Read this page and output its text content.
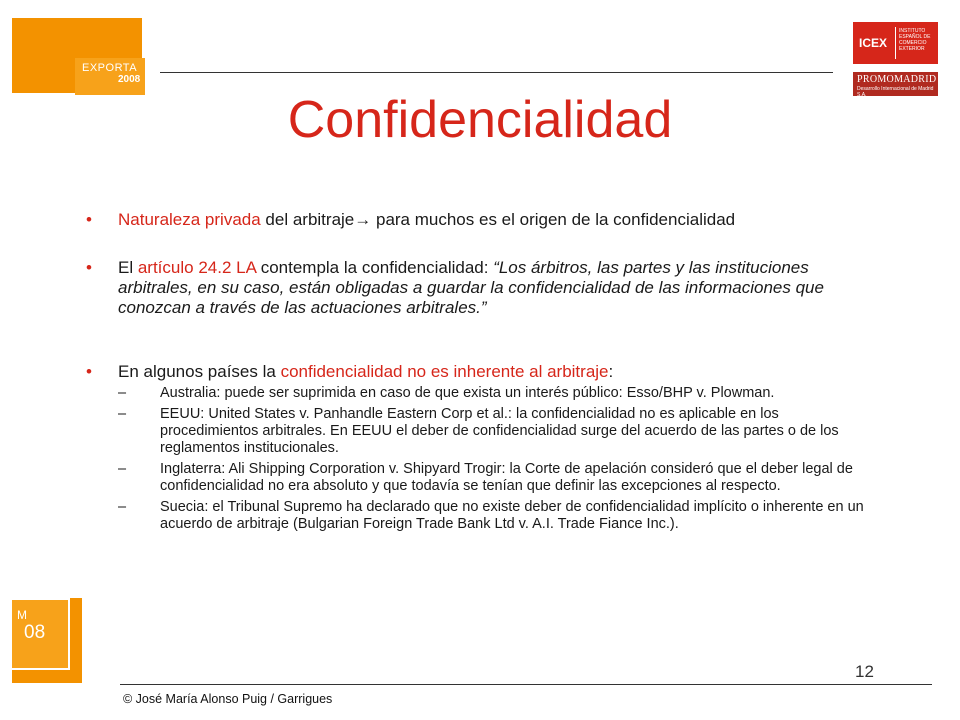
EXPORTA
2008
ICEX
INSTITUTO ESPAÑOL DE COMERCIO EXTERIOR
PROMOMADRID
Desarrollo Internacional de Madrid S.A.
Confidencialidad

• Naturaleza privada del arbitraje→ para muchos es el origen de la confidencialidad

• El artículo 24.2 LA contempla la confidencialidad: “Los árbitros, las partes y las instituciones arbitrales, en su caso, están obligadas a guardar la confidencialidad de las informaciones que conozcan a través de las actuaciones arbitrales.”

• En algunos países la confidencialidad no es inherente al arbitraje:

– Australia: puede ser suprimida en caso de que exista un interés público: Esso/BHP v. Plowman.

– EEUU: United States v. Panhandle Eastern Corp et al.: la confidencialidad no es aplicable en los procedimientos arbitrales. En EEUU el deber de confidencialidad surge del acuerdo de las partes o de los reglamentos institucionales.

– Inglaterra: Ali Shipping Corporation v. Shipyard Trogir: la Corte de apelación consideró que el deber legal de confidencialidad no era absoluto y que todavía se tenían que definir las excepciones al respecto.

– Suecia: el Tribunal Supremo ha declarado que no existe deber de confidencialidad implícito o inherente en un acuerdo de arbitraje (Bulgarian Foreign Trade Bank Ltd v. A.I. Trade Fiance Inc.).

M
08
12
© José María Alonso Puig / Garrigues
